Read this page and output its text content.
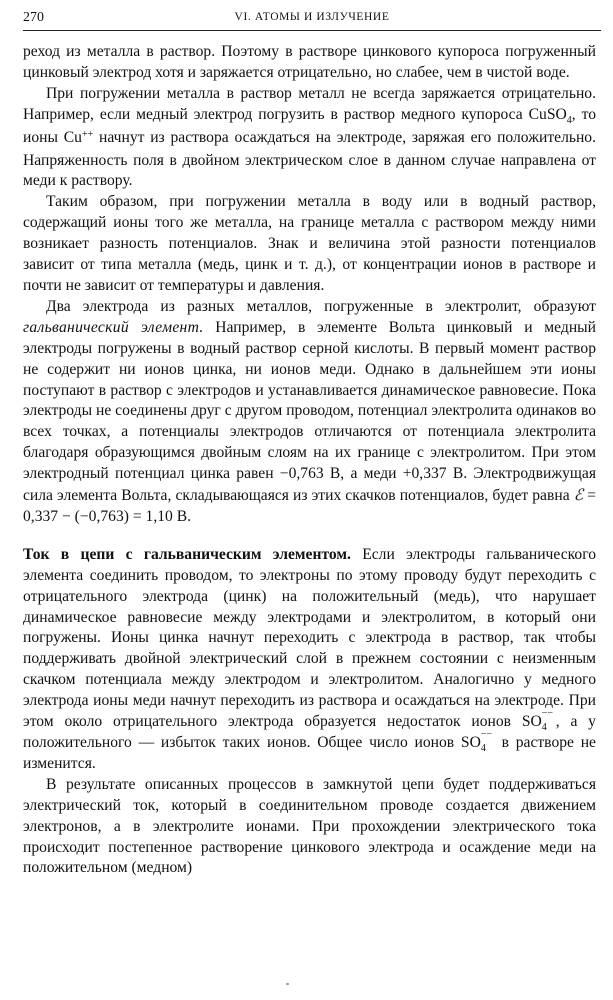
270	VI. АТОМЫ И ИЗЛУЧЕНИЕ

реход из металла в раствор. Поэтому в растворе цинкового купороса погруженный цинковый электрод хотя и заряжается отрицательно, но слабее, чем в чистой воде.

При погружении металла в раствор металл не всегда заряжается отрицательно. Например, если медный электрод погрузить в раствор медного купороса CuSO$_4$, то ионы Cu++ начнут из раствора осаждаться на электроде, заряжая его положительно. Напряженность поля в двойном электрическом слое в данном случае направлена от меди к раствору.

Таким образом, при погружении металла в воду или в водный раствор, содержащий ионы того же металла, на границе металла с раствором между ними возникает разность потенциалов. Знак и величина этой разности потенциалов зависит от типа металла (медь, цинк и т. д.), от концентрации ионов в растворе и почти не зависит от температуры и давления.

Два электрода из разных металлов, погруженные в электролит, образуют гальванический элемент. Например, в элементе Вольта цинковый и медный электроды погружены в водный раствор серной кислоты. В первый момент раствор не содержит ни ионов цинка, ни ионов меди. Однако в дальнейшем эти ионы поступают в раствор с электродов и устанавливается динамическое равновесие. Пока электроды не соединены друг с другом проводом, потенциал электролита одинаков во всех точках, а потенциалы электродов отличаются от потенциала электролита благодаря образующимся двойным слоям на их границе с электролитом. При этом электродный потенциал цинка равен −0,763 В, а меди +0,337 В. Электродвижущая сила элемента Вольта, складывающаяся из этих скачков потенциалов, будет равна ℰ = 0,337 − (−0,763) = 1,10 В.

Ток в цепи с гальваническим элементом. Если электроды гальванического элемента соединить проводом, то электроны по этому проводу будут переходить с отрицательного электрода (цинк) на положительный (медь), что нарушает динамическое равновесие между электродами и электролитом, в который они погружены. Ионы цинка начнут переходить с электрода в раствор, так чтобы поддерживать двойной электрический слой в прежнем состоянии с неизменным скачком потенциала между электродом и электролитом. Аналогично у медного электрода ионы меди начнут переходить из раствора и осаждаться на электроде. При этом около отрицательного электрода образуется недостаток ионов SO −−
4 , а у положительного — избыток таких ионов. Общее число ионов SO −−
4 в растворе не изменится.

В результате описанных процессов в замкнутой цепи будет поддерживаться электрический ток, который в соединительном проводе создается движением электронов, а в электролите ионами. При прохождении электрического тока происходит постепенное растворение цинкового электрода и осаждение меди на положительном (медном)
